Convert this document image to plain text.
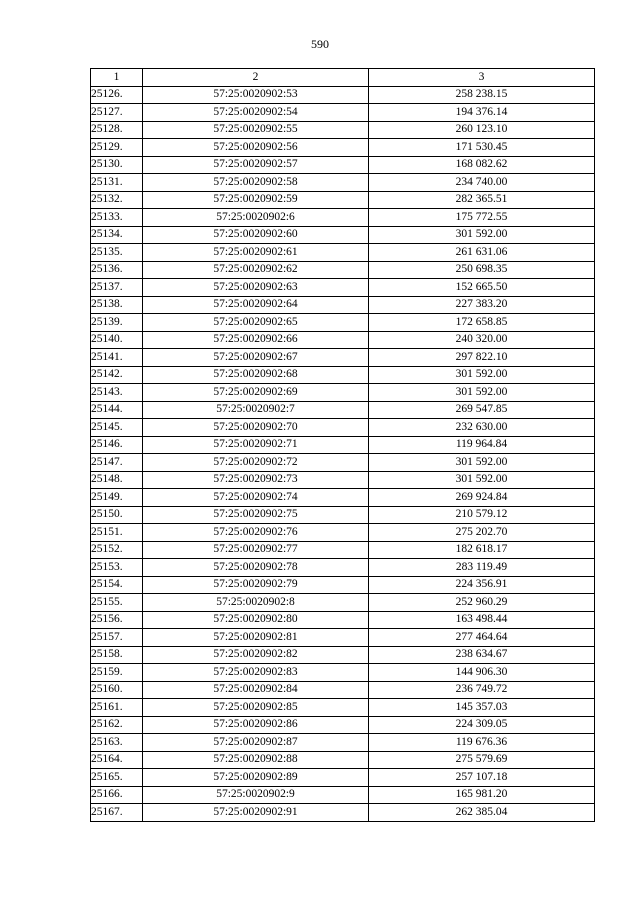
590
1	2	3
25126.	57:25:0020902:53	258 238.15
25127.	57:25:0020902:54	194 376.14
25128.	57:25:0020902:55	260 123.10
25129.	57:25:0020902:56	171 530.45
25130.	57:25:0020902:57	168 082.62
25131.	57:25:0020902:58	234 740.00
25132.	57:25:0020902:59	282 365.51
25133.	57:25:0020902:6	175 772.55
25134.	57:25:0020902:60	301 592.00
25135.	57:25:0020902:61	261 631.06
25136.	57:25:0020902:62	250 698.35
25137.	57:25:0020902:63	152 665.50
25138.	57:25:0020902:64	227 383.20
25139.	57:25:0020902:65	172 658.85
25140.	57:25:0020902:66	240 320.00
25141.	57:25:0020902:67	297 822.10
25142.	57:25:0020902:68	301 592.00
25143.	57:25:0020902:69	301 592.00
25144.	57:25:0020902:7	269 547.85
25145.	57:25:0020902:70	232 630.00
25146.	57:25:0020902:71	119 964.84
25147.	57:25:0020902:72	301 592.00
25148.	57:25:0020902:73	301 592.00
25149.	57:25:0020902:74	269 924.84
25150.	57:25:0020902:75	210 579.12
25151.	57:25:0020902:76	275 202.70
25152.	57:25:0020902:77	182 618.17
25153.	57:25:0020902:78	283 119.49
25154.	57:25:0020902:79	224 356.91
25155.	57:25:0020902:8	252 960.29
25156.	57:25:0020902:80	163 498.44
25157.	57:25:0020902:81	277 464.64
25158.	57:25:0020902:82	238 634.67
25159.	57:25:0020902:83	144 906.30
25160.	57:25:0020902:84	236 749.72
25161.	57:25:0020902:85	145 357.03
25162.	57:25:0020902:86	224 309.05
25163.	57:25:0020902:87	119 676.36
25164.	57:25:0020902:88	275 579.69
25165.	57:25:0020902:89	257 107.18
25166.	57:25:0020902:9	165 981.20
25167.	57:25:0020902:91	262 385.04
